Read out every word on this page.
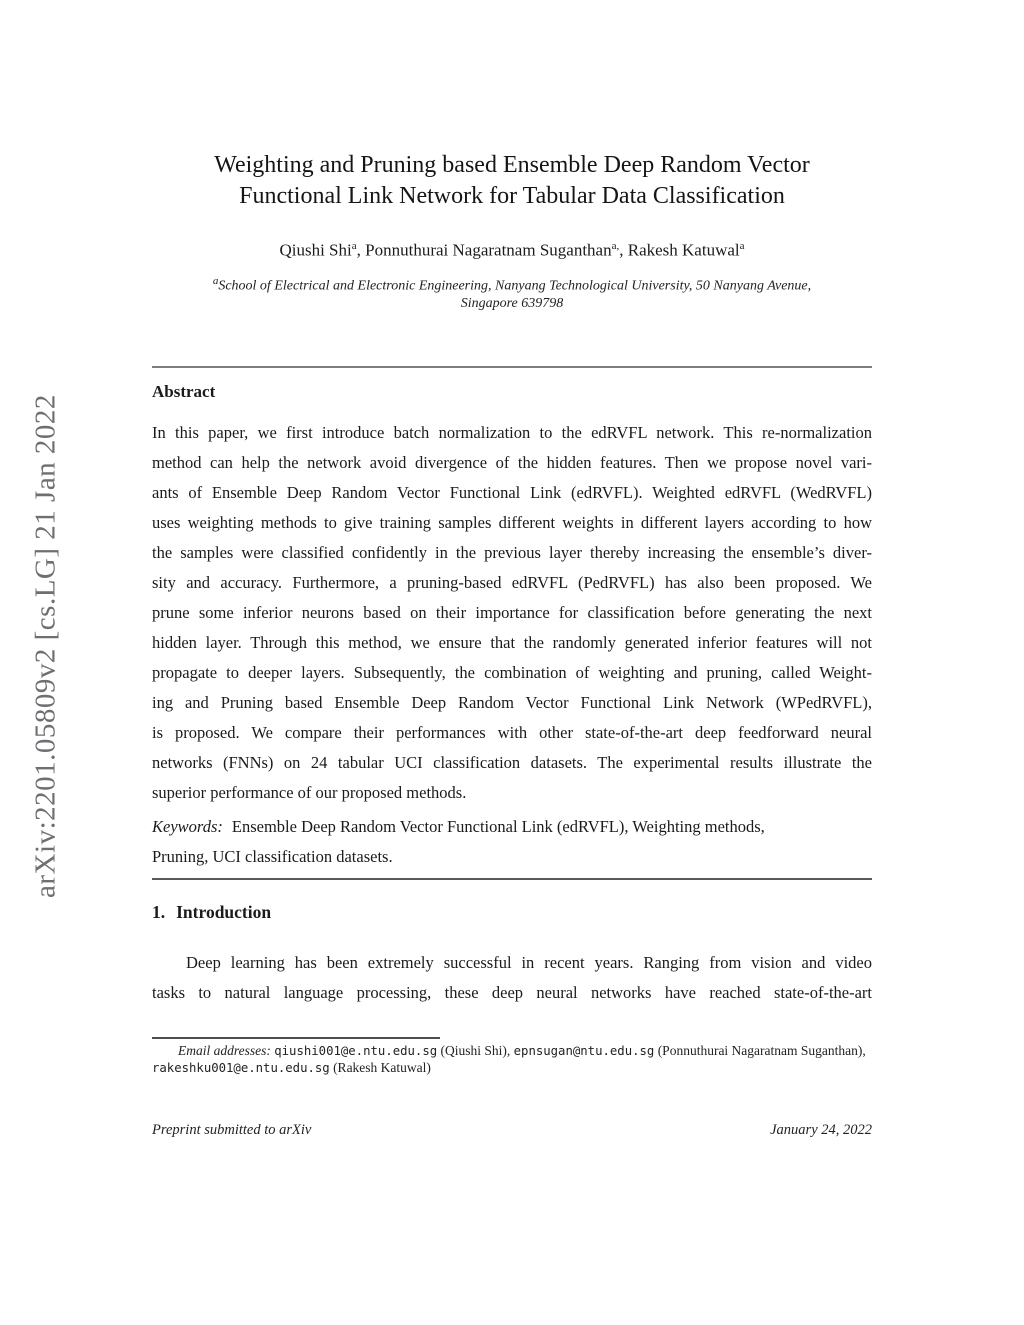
arXiv:2201.05809v2 [cs.LG] 21 Jan 2022
Weighting and Pruning based Ensemble Deep Random Vector
Functional Link Network for Tabular Data Classification
Qiushi Shi$^a$, Ponnuthurai Nagaratnam Suganthan$^{a,}$, Rakesh Katuwal$^a$
$^a$School of Electrical and Electronic Engineering, Nanyang Technological University, 50 Nanyang Avenue,
Singapore 639798
Abstract
In this paper, we first introduce batch normalization to the edRVFL network. This re-normalization
method can help the network avoid divergence of the hidden features. Then we propose novel vari-
ants of Ensemble Deep Random Vector Functional Link (edRVFL). Weighted edRVFL (WedRVFL)
uses weighting methods to give training samples different weights in different layers according to how
the samples were classified confidently in the previous layer thereby increasing the ensemble’s diver-
sity and accuracy. Furthermore, a pruning-based edRVFL (PedRVFL) has also been proposed. We
prune some inferior neurons based on their importance for classification before generating the next
hidden layer. Through this method, we ensure that the randomly generated inferior features will not
propagate to deeper layers. Subsequently, the combination of weighting and pruning, called Weight-
ing and Pruning based Ensemble Deep Random Vector Functional Link Network (WPedRVFL),
is proposed. We compare their performances with other state-of-the-art deep feedforward neural
networks (FNNs) on 24 tabular UCI classification datasets. The experimental results illustrate the
superior performance of our proposed methods.
Keywords: Ensemble Deep Random Vector Functional Link (edRVFL), Weighting methods,
Pruning, UCI classification datasets.
1. Introduction
Deep learning has been extremely successful in recent years. Ranging from vision and video
tasks to natural language processing, these deep neural networks have reached state-of-the-art
Email addresses: qiushi001@e.ntu.edu.sg (Qiushi Shi), epnsugan@ntu.edu.sg (Ponnuthurai Nagaratnam Suganthan), rakeshku001@e.ntu.edu.sg (Rakesh Katuwal)
Preprint submitted to arXiv	January 24, 2022
